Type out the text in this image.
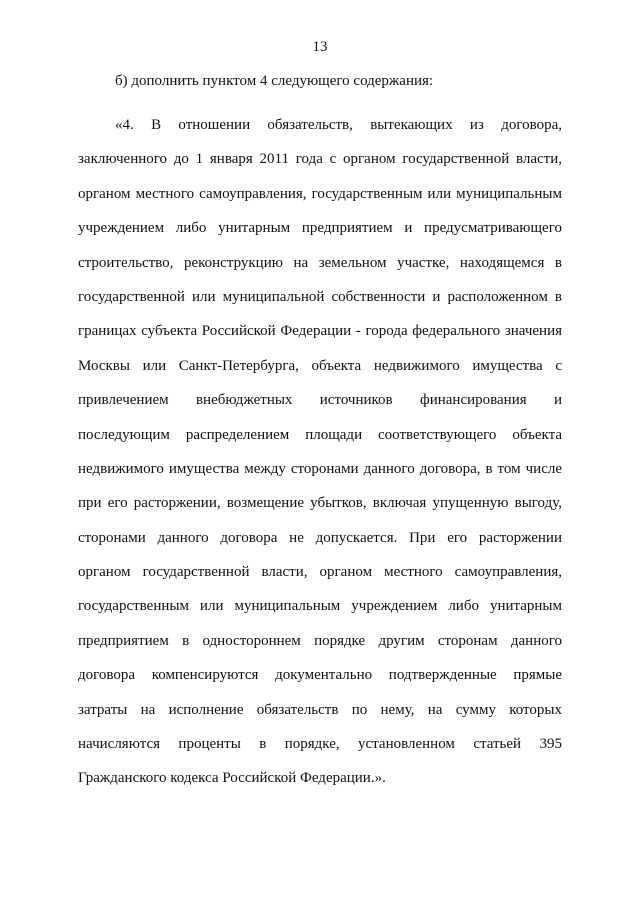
13
б) дополнить пунктом 4 следующего содержания:
«4. В отношении обязательств, вытекающих из договора,
заключенного до 1 января 2011 года с органом государственной власти,
органом местного самоуправления, государственным или муниципальным
учреждением либо унитарным предприятием и предусматривающего
строительство, реконструкцию на земельном участке, находящемся в
государственной или муниципальной собственности и расположенном в
границах субъекта Российской Федерации - города федерального значения
Москвы или Санкт-Петербурга, объекта недвижимого имущества с
привлечением внебюджетных источников финансирования и
последующим распределением площади соответствующего объекта
недвижимого имущества между сторонами данного договора, в том числе
при его расторжении, возмещение убытков, включая упущенную выгоду,
сторонами данного договора не допускается. При его расторжении
органом государственной власти, органом местного самоуправления,
государственным или муниципальным учреждением либо унитарным
предприятием в одностороннем порядке другим сторонам данного
договора компенсируются документально подтвержденные прямые
затраты на исполнение обязательств по нему, на сумму которых
начисляются проценты в порядке, установленном статьей 395
Гражданского кодекса Российской Федерации.».
